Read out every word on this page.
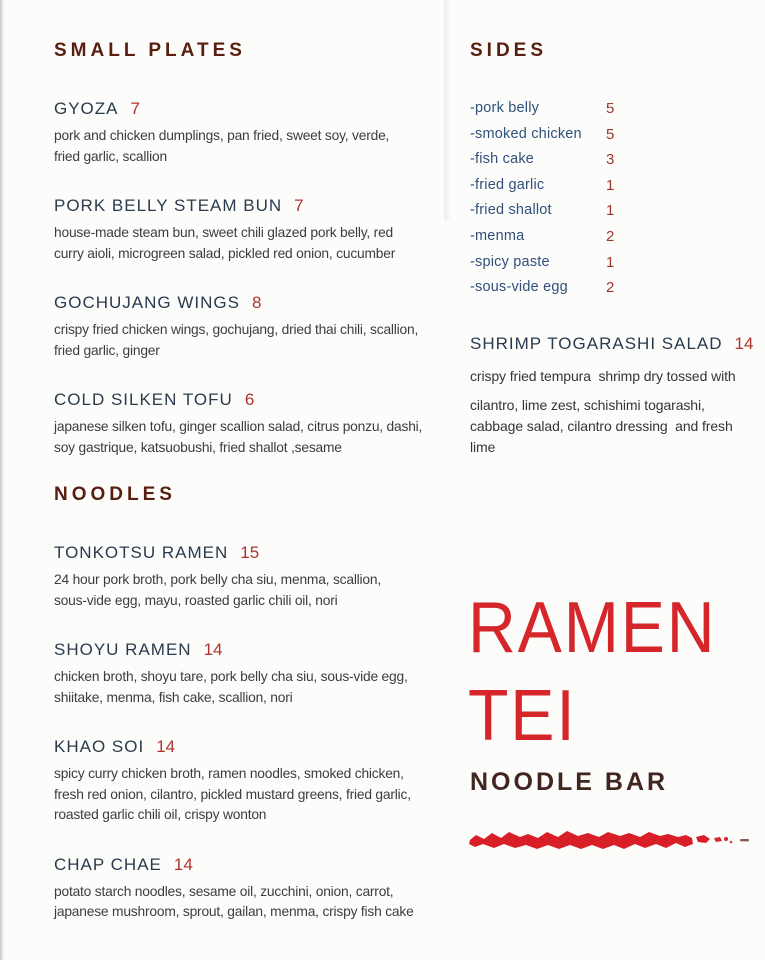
SMALL PLATES
GYOZA 7

pork and chicken dumplings, pan fried, sweet soy, verde,

fried garlic, scallion

PORK BELLY STEAM BUN 7

house-made steam bun, sweet chili glazed pork belly, red

curry aioli, microgreen salad, pickled red onion, cucumber

GOCHUJANG WINGS 8

crispy fried chicken wings, gochujang, dried thai chili, scallion,

fried garlic, ginger

COLD SILKEN TOFU 6

japanese silken tofu, ginger scallion salad, citrus ponzu, dashi,

soy gastrique, katsuobushi, fried shallot ,sesame

NOODLES
TONKOTSU RAMEN 15

24 hour pork broth, pork belly cha siu, menma, scallion,

sous-vide egg, mayu, roasted garlic chili oil, nori

SHOYU RAMEN 14

chicken broth, shoyu tare, pork belly cha siu, sous-vide egg,

shiitake, menma, fish cake, scallion, nori

KHAO SOI 14

spicy curry chicken broth, ramen noodles, smoked chicken,

fresh red onion, cilantro, pickled mustard greens, fried garlic,

roasted garlic chili oil, crispy wonton

CHAP CHAE 14

potato starch noodles, sesame oil, zucchini, onion, carrot,

japanese mushroom, sprout, gailan, menma, crispy fish cake

SIDES
-pork belly	5
-smoked chicken 5
-fish cake	3
-fried garlic	1
-fried shallot	1
-menma	2
-spicy paste	1
-sous-vide egg	2
SHRIMP TOGARASHI SALAD 14

crispy fried tempura  shrimp dry tossed with

cilantro, lime zest, schishimi togarashi,

cabbage salad, cilantro dressing  and fresh

lime

RAMEN
TEI
NOODLE BAR
